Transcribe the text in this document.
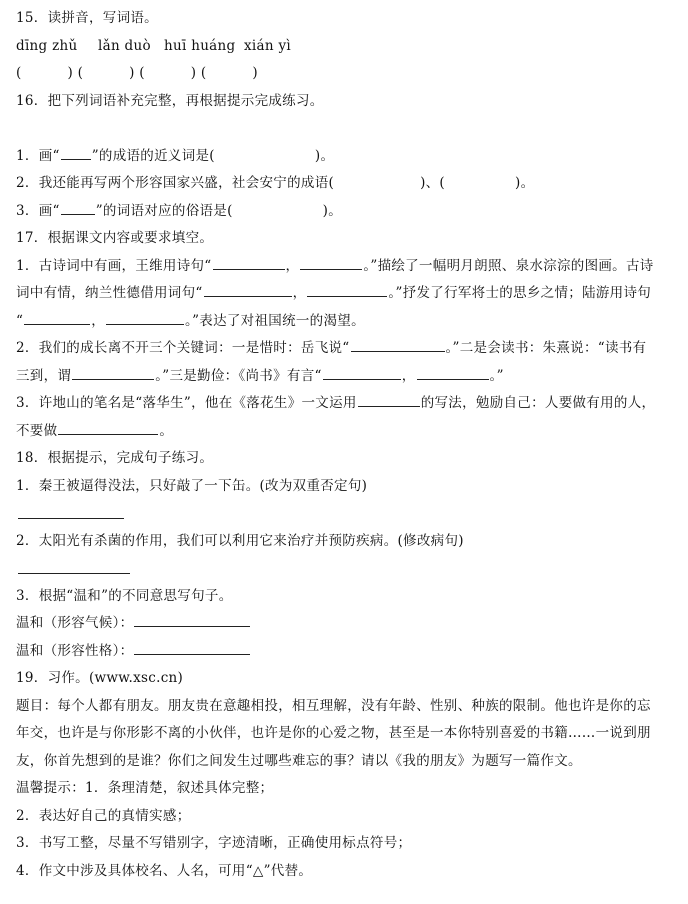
15．读拼音，写词语。
dīng zhǔ	lǎn duò huī huáng xián yì
(          ) (          ) (          ) (          )
16．把下列词语补充完整，再根据提示完成练习。

1．画“ ”的成语的近义词是(	)。
2．我还能再写两个形容国家兴盛，社会安宁的成语(	)、(	)。
3．画“	”的词语对应的俗语是(	)。
17．根据课文内容或要求填空。
1．古诗词中有画，王维用诗句“	，	。”描绘了一幅明月朗照、泉水淙淙的图画。古诗
词中有情，纳兰性德借用词句“	，	。”抒发了行军将士的思乡之情；陆游用诗句
“	，	。”表达了对祖国统一的渴望。
2．我们的成长离不开三个关键词：一是惜时：岳飞说“	。”二是会读书：朱熹说：“读书有
三到，谓	。”三是勤俭：《尚书》有言“	，	。”
3．许地山的笔名是“落华生”，他在《落花生》一文运用	的写法，勉励自己：人要做有用的人，
不要做	。
18．根据提示，完成句子练习。
1．秦王被逼得没法，只好敲了一下缶。(改为双重否定句)
2．太阳光有杀菌的作用，我们可以利用它来治疗并预防疾病。(修改病句)
3．根据“温和”的不同意思写句子。
温和（形容气候）：
温和（形容性格）：
19．习作。(www.xsc.cn)
题目：每个人都有朋友。朋友贵在意趣相投，相互理解，没有年龄、性别、种族的限制。他也许是你的忘
年交，也许是与你形影不离的小伙伴，也许是你的心爱之物，甚至是一本你特别喜爱的书籍……一说到朋
友，你首先想到的是谁？你们之间发生过哪些难忘的事？请以《我的朋友》为题写一篇作文。
温馨提示：1．条理清楚，叙述具体完整；
2．表达好自己的真情实感；
3．书写工整，尽量不写错别字，字迹清晰，正确使用标点符号；
4．作文中涉及具体校名、人名，可用“△”代替。
